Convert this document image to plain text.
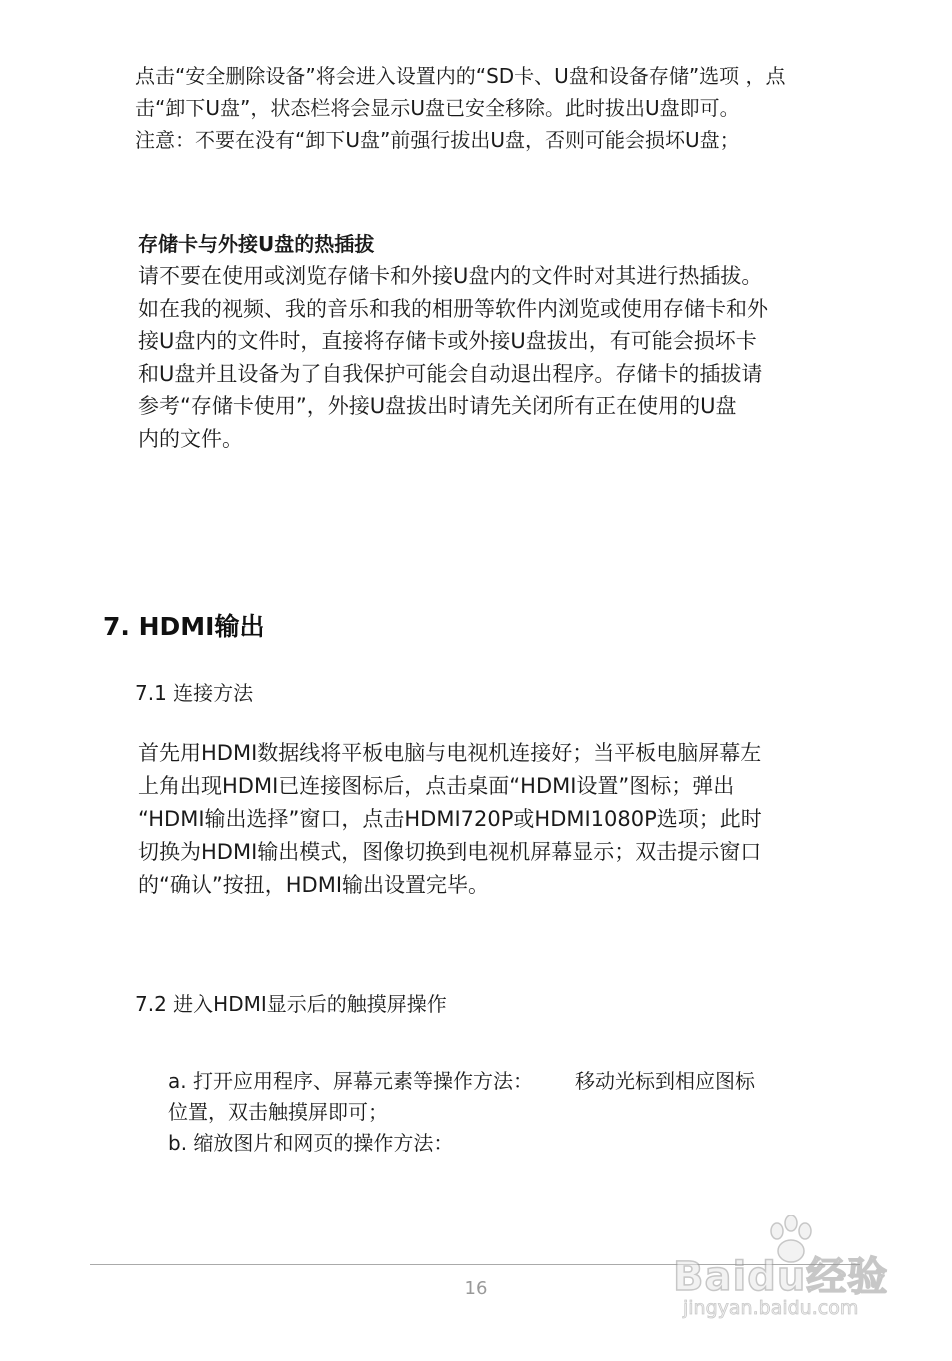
点击“安全删除设备”将会进入设置内的“SD卡、U盘和设备存储”选项 ，点
击“卸下U盘”，状态栏将会显示U盘已安全移除。此时拔出U盘即可。
注意：不要在没有“卸下U盘”前强行拔出U盘，否则可能会损坏U盘；
存储卡与外接U盘的热插拔
请不要在使用或浏览存储卡和外接U盘内的文件时对其进行热插拔。
如在我的视频、我的音乐和我的相册等软件内浏览或使用存储卡和外
接U盘内的文件时，直接将存储卡或外接U盘拔出，有可能会损坏卡
和U盘并且设备为了自我保护可能会自动退出程序。存储卡的插拔请
参考“存储卡使用”，外接U盘拔出时请先关闭所有正在使用的U盘
内的文件。
7. HDMI输出
7.1 连接方法
首先用HDMI数据线将平板电脑与电视机连接好；当平板电脑屏幕左
上角出现HDMI已连接图标后，点击桌面“HDMI设置”图标；弹出
“HDMI输出选择”窗口，点击HDMI720P或HDMI1080P选项；此时
切换为HDMI输出模式，图像切换到电视机屏幕显示；双击提示窗口
的“确认”按扭，HDMI输出设置完毕。
7.2 进入HDMI显示后的触摸屏操作
a. 打开应用程序、屏幕元素等操作方法： 移动光标到相应图标
位置，双击触摸屏即可；
b. 缩放图片和网页的操作方法：
16	Baidu经验
jingyan.baidu.com
